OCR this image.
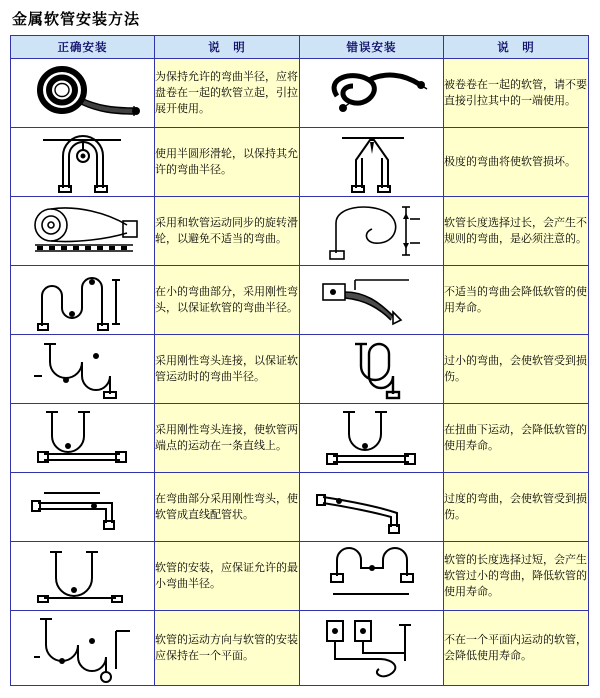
金属软管安装方法
正确安装	说　明	错误安装	说　明

	为保持允许的弯曲半径，应将盘卷在一起的软管立起，引拉展开使用。		被卷卷在一起的软管，请不要直接引拉其中的一端使用。

	使用半圆形滑轮，以保持其允许的弯曲半径。		极度的弯曲将使软管损坏。

	采用和软管运动同步的旋转滑轮，以避免不适当的弯曲。		软管长度选择过长，会产生不规则的弯曲，是必须注意的。

	在小的弯曲部分，采用刚性弯头，以保证软管的弯曲半径。		不适当的弯曲会降低软管的使用寿命。

	采用刚性弯头连接，以保证软管运动时的弯曲半径。		过小的弯曲，会使软管受到损伤。

	采用刚性弯头连接，使软管两端点的运动在一条直线上。		在扭曲下运动，会降低软管的使用寿命。

	在弯曲部分采用刚性弯头，使软管成直线配管状。		过度的弯曲，会使软管受到损伤。

	软管的安装，应保证允许的最小弯曲半径。		软管的长度选择过短，会产生软管过小的弯曲，降低软管的使用寿命。

	软管的运动方向与软管的安装应保持在一个平面。		不在一个平面内运动的软管，会降低使用寿命。
